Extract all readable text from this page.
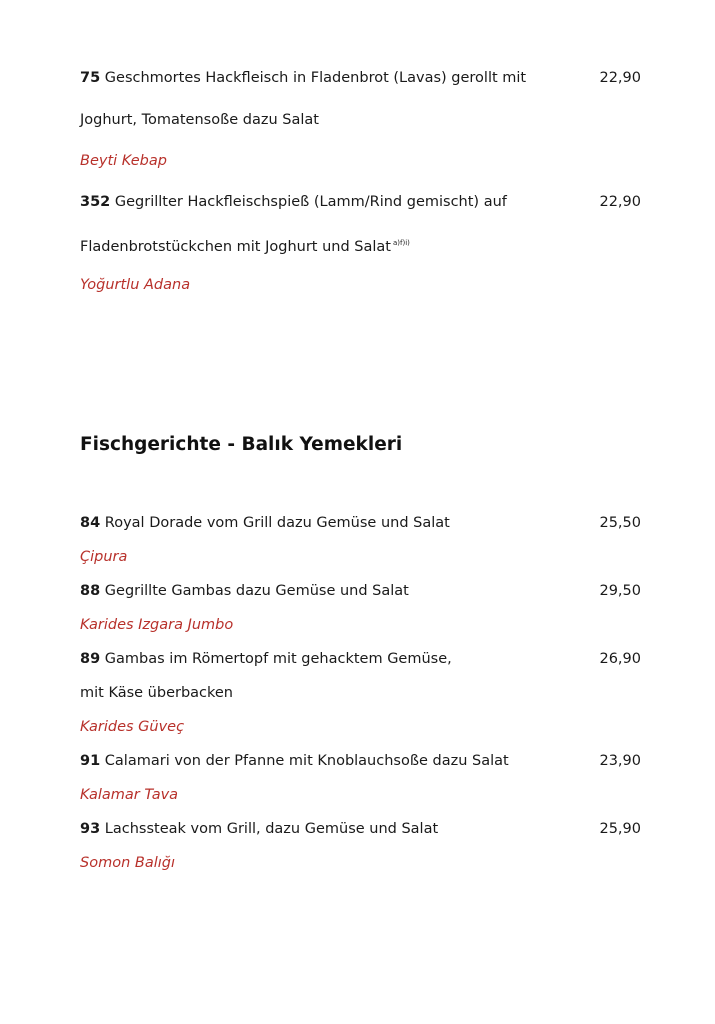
75 Geschmortes Hackfleisch in Fladenbrot (Lavas) gerollt mit	22,90
Joghurt, Tomatensoße dazu Salat
Beyti Kebap
352 Gegrillter Hackfleischspieß (Lamm/Rind gemischt) auf	22,90
Fladenbrotstückchen mit Joghurt und Salat $^{a)f)i)}$
Yoğurtlu Adana
Fischgerichte - Balık Yemekleri
84 Royal Dorade vom Grill dazu Gemüse und Salat	25,50
Çipura
88 Gegrillte Gambas dazu Gemüse und Salat	29,50
Karides Izgara Jumbo
89 Gambas im Römertopf mit gehacktem Gemüse,	26,90
mit Käse überbacken
Karides Güveç
91 Calamari von der Pfanne mit Knoblauchsoße dazu Salat	23,90
Kalamar Tava
93 Lachssteak vom Grill, dazu Gemüse und Salat	25,90
Somon Balığı
